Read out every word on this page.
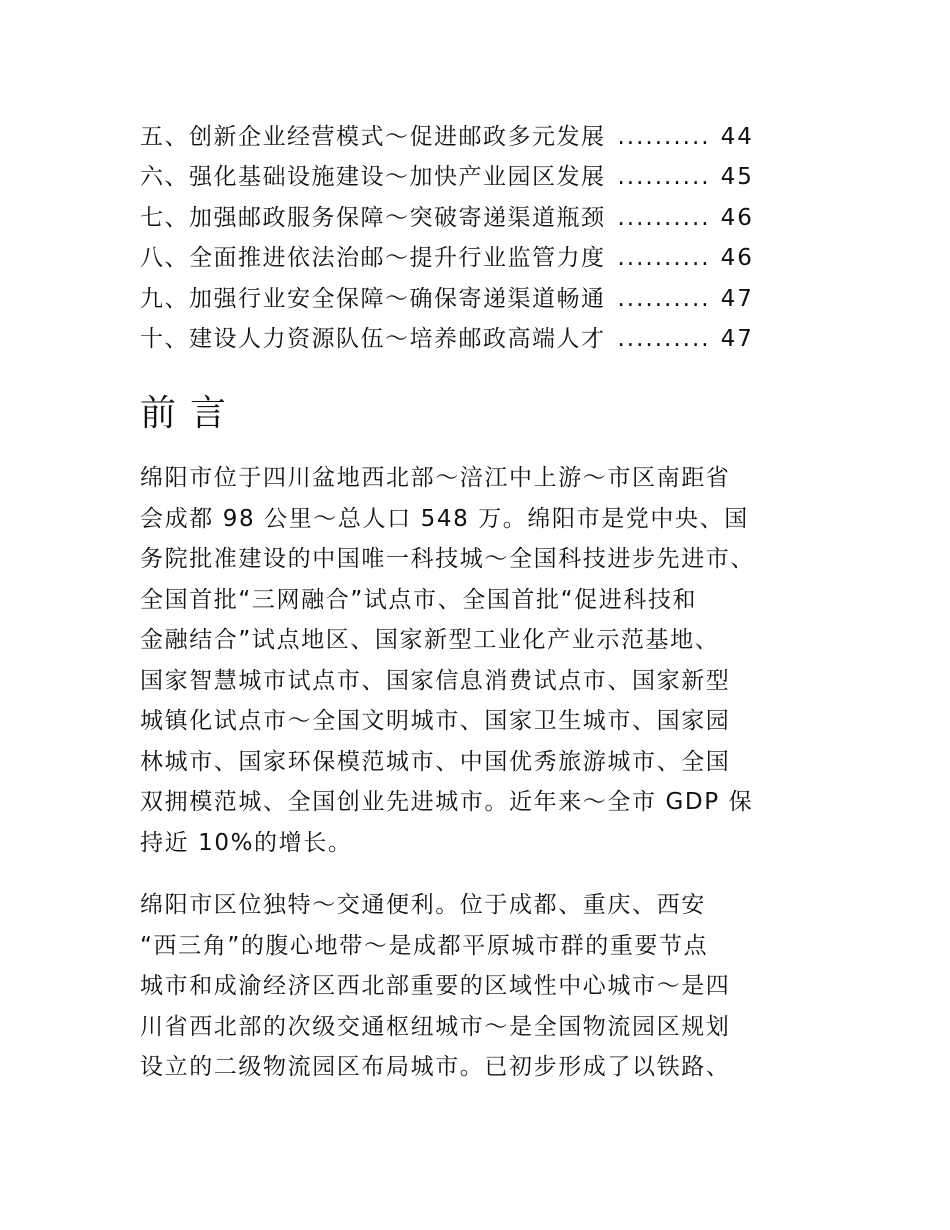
五、创新企业经营模式～促进邮政多元发展 .......... 44
六、强化基础设施建设～加快产业园区发展 .......... 45
七、加强邮政服务保障～突破寄递渠道瓶颈 .......... 46
八、全面推进依法治邮～提升行业监管力度 .......... 46
九、加强行业安全保障～确保寄递渠道畅通 .......... 47
十、建设人力资源队伍～培养邮政高端人才 .......... 47
前言

绵阳市位于四川盆地西北部～涪江中上游～市区南距省
会成都 98 公里～总人口 548 万。绵阳市是党中央、国
务院批准建设的中国唯一科技城～全国科技进步先进市、
全国首批“三网融合”试点市、全国首批“促进科技和
金融结合”试点地区、国家新型工业化产业示范基地、
国家智慧城市试点市、国家信息消费试点市、国家新型
城镇化试点市～全国文明城市、国家卫生城市、国家园
林城市、国家环保模范城市、中国优秀旅游城市、全国
双拥模范城、全国创业先进城市。近年来～全市 GDP 保
持近 10%的增长。

绵阳市区位独特～交通便利。位于成都、重庆、西安
“西三角”的腹心地带～是成都平原城市群的重要节点
城市和成渝经济区西北部重要的区域性中心城市～是四
川省西北部的次级交通枢纽城市～是全国物流园区规划
设立的二级物流园区布局城市。已初步形成了以铁路、
